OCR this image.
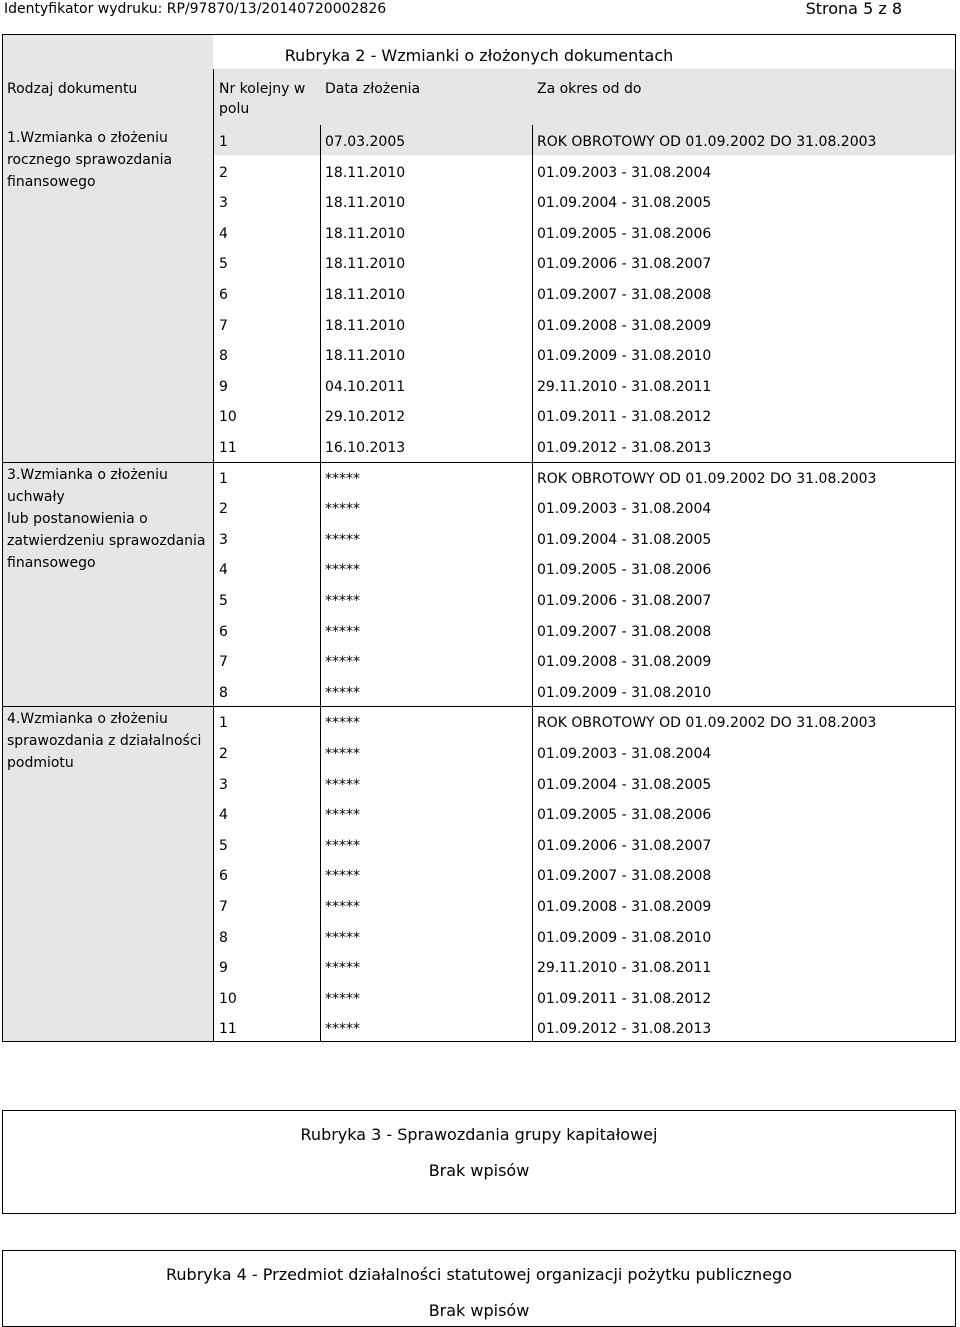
Identyfikator wydruku: RP/97870/13/20140720002826	Strona 5 z 8
Rubryka 2 - Wzmianki o złożonych dokumentach
Rodzaj dokumentu	Nr kolejny w
polu
Data złożenia	Za okres od do
1.Wzmianka o złożeniu
rocznego sprawozdania
finansowego
1	07.03.2005	ROK OBROTOWY OD 01.09.2002 DO 31.08.2003
2	18.11.2010	01.09.2003 - 31.08.2004
3	18.11.2010	01.09.2004 - 31.08.2005
4	18.11.2010	01.09.2005 - 31.08.2006
5	18.11.2010	01.09.2006 - 31.08.2007
6	18.11.2010	01.09.2007 - 31.08.2008
7	18.11.2010	01.09.2008 - 31.08.2009
8	18.11.2010	01.09.2009 - 31.08.2010
9	04.10.2011	29.11.2010 - 31.08.2011
10	29.10.2012	01.09.2011 - 31.08.2012
11	16.10.2013	01.09.2012 - 31.08.2013
3.Wzmianka o złożeniu uchwały
lub postanowienia o
zatwierdzeniu sprawozdania
finansowego
1	*****	ROK OBROTOWY OD 01.09.2002 DO 31.08.2003
2	*****	01.09.2003 - 31.08.2004
3	*****	01.09.2004 - 31.08.2005
4	*****	01.09.2005 - 31.08.2006
5	*****	01.09.2006 - 31.08.2007
6	*****	01.09.2007 - 31.08.2008
7	*****	01.09.2008 - 31.08.2009
8	*****	01.09.2009 - 31.08.2010
4.Wzmianka o złożeniu
sprawozdania z działalności
podmiotu
1	*****	ROK OBROTOWY OD 01.09.2002 DO 31.08.2003
2	*****	01.09.2003 - 31.08.2004
3	*****	01.09.2004 - 31.08.2005
4	*****	01.09.2005 - 31.08.2006
5	*****	01.09.2006 - 31.08.2007
6	*****	01.09.2007 - 31.08.2008
7	*****	01.09.2008 - 31.08.2009
8	*****	01.09.2009 - 31.08.2010
9	*****	29.11.2010 - 31.08.2011
10	*****	01.09.2011 - 31.08.2012
11	*****	01.09.2012 - 31.08.2013
Rubryka 3 - Sprawozdania grupy kapitałowej
Brak wpisów
Rubryka 4 - Przedmiot działalności statutowej organizacji pożytku publicznego
Brak wpisów
